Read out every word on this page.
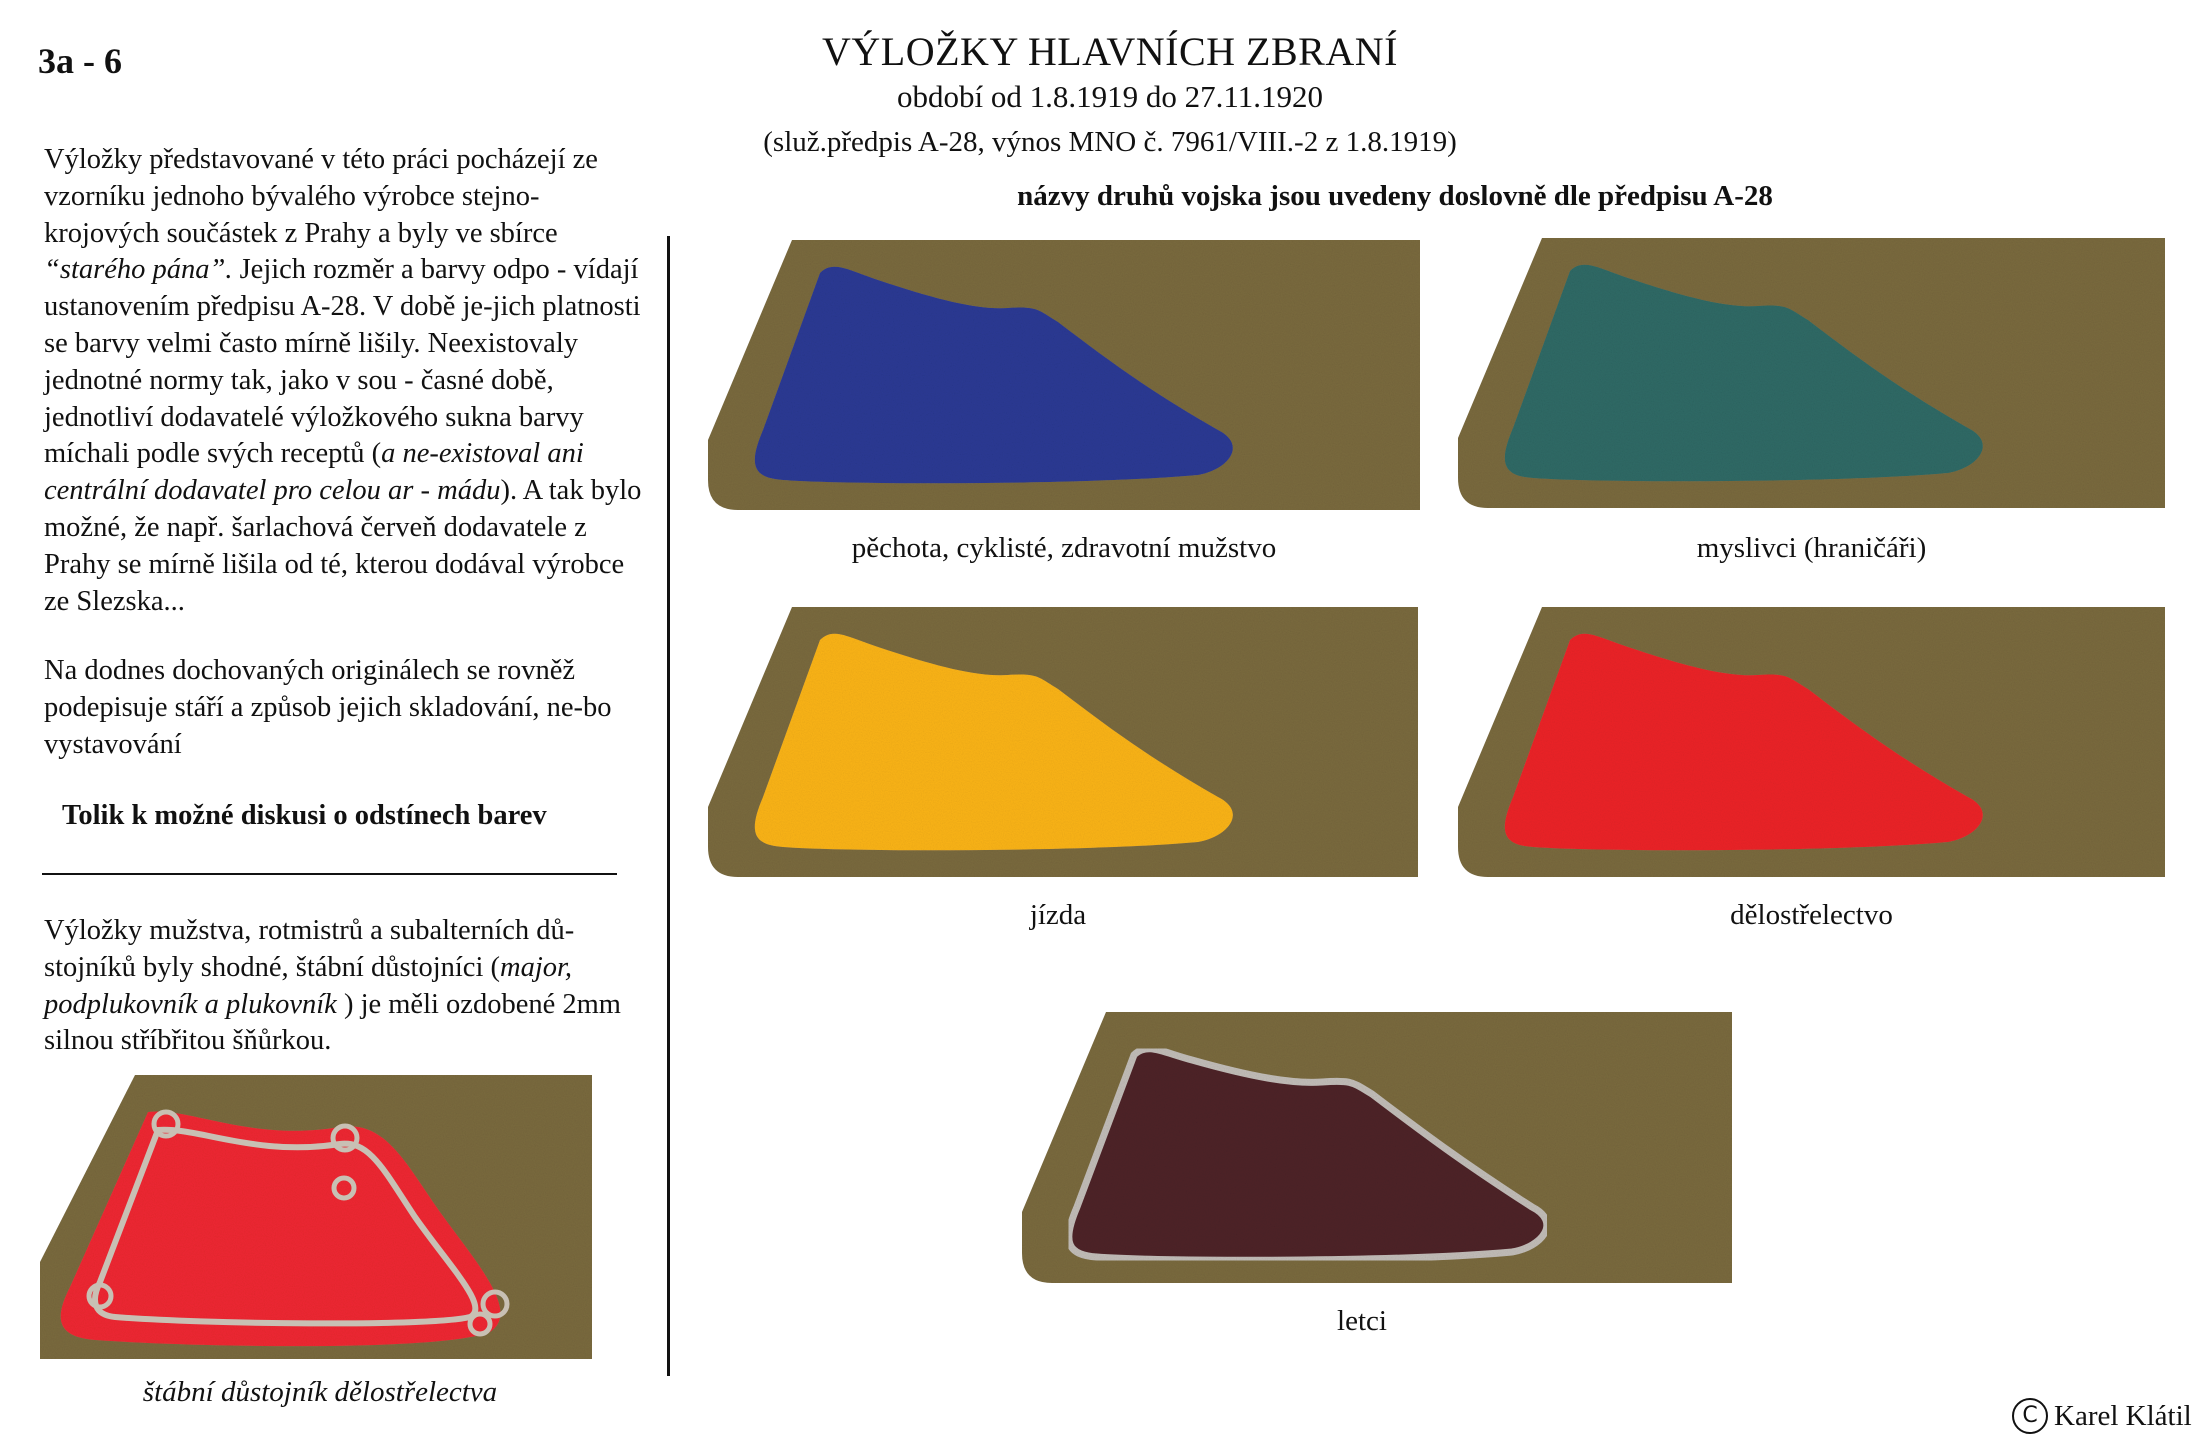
3a - 6	VÝLOŽKY HLAVNÍCH ZBRANÍ
období od 1.8.1919 do 27.11.1920
(služ.předpis A-28, výnos MNO č. 7961/VIII.-2 z 1.8.1919)
názvy druhů vojska jsou uvedeny doslovně dle předpisu A-28

Výložky představované v této práci pocházejí ze vzorníku jednoho bývalého výrobce stejno-krojových součástek z Prahy a byly ve sbírce “starého pána”. Jejich rozměr a barvy odpo - vídají ustanovením předpisu A-28. V době je-jich platnosti se barvy velmi často mírně lišily. Neexistovaly jednotné normy tak, jako v sou - časné době, jednotliví dodavatelé výložkového sukna barvy míchali podle svých receptů (a ne-existoval ani centrální dodavatel pro celou ar - mádu). A tak bylo možné, že např. šarlachová červeň dodavatele z Prahy se mírně lišila od té, kterou dodával výrobce ze Slezska...

Na dodnes dochovaných originálech se rovněž podepisuje stáří a způsob jejich skladování, ne-bo vystavování

Tolik k možné diskusi o odstínech barev

Výložky mužstva, rotmistrů a subalterních dů-stojníků byly shodné, štábní důstojníci (major, podplukovník a plukovník ) je měli ozdobené 2mm silnou stříbřitou šňůrkou.

štábní důstojník dělostřelectva
pěchota, cyklisté, zdravotní mužstvo	myslivci (hraničáři)
jízda	dělostřelectvo
letci
C Karel Klátil
